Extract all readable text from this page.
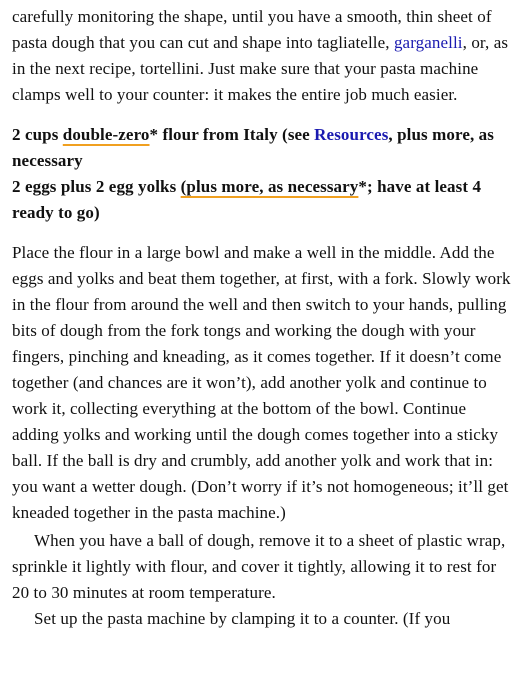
carefully monitoring the shape, until you have a smooth, thin sheet of pasta dough that you can cut and shape into tagliatelle, garganelli, or, as in the next recipe, tortellini. Just make sure that your pasta machine clamps well to your counter: it makes the entire job much easier.

2 cups double-zero* flour from Italy (see Resources, plus more, as necessary

2 eggs plus 2 egg yolks (plus more, as necessary*; have at least 4 ready to go)

Place the flour in a large bowl and make a well in the middle. Add the eggs and yolks and beat them together, at first, with a fork. Slowly work in the flour from around the well and then switch to your hands, pulling bits of dough from the fork tongs and working the dough with your fingers, pinching and kneading, as it comes together. If it doesn’t come together (and chances are it won’t), add another yolk and continue to work it, collecting everything at the bottom of the bowl. Continue adding yolks and working until the dough comes together into a sticky ball. If the ball is dry and crumbly, add another yolk and work that in: you want a wetter dough. (Don’t worry if it’s not homogeneous; it’ll get kneaded together in the pasta machine.)

When you have a ball of dough, remove it to a sheet of plastic wrap, sprinkle it lightly with flour, and cover it tightly, allowing it to rest for 20 to 30 minutes at room temperature.

Set up the pasta machine by clamping it to a counter. (If you
